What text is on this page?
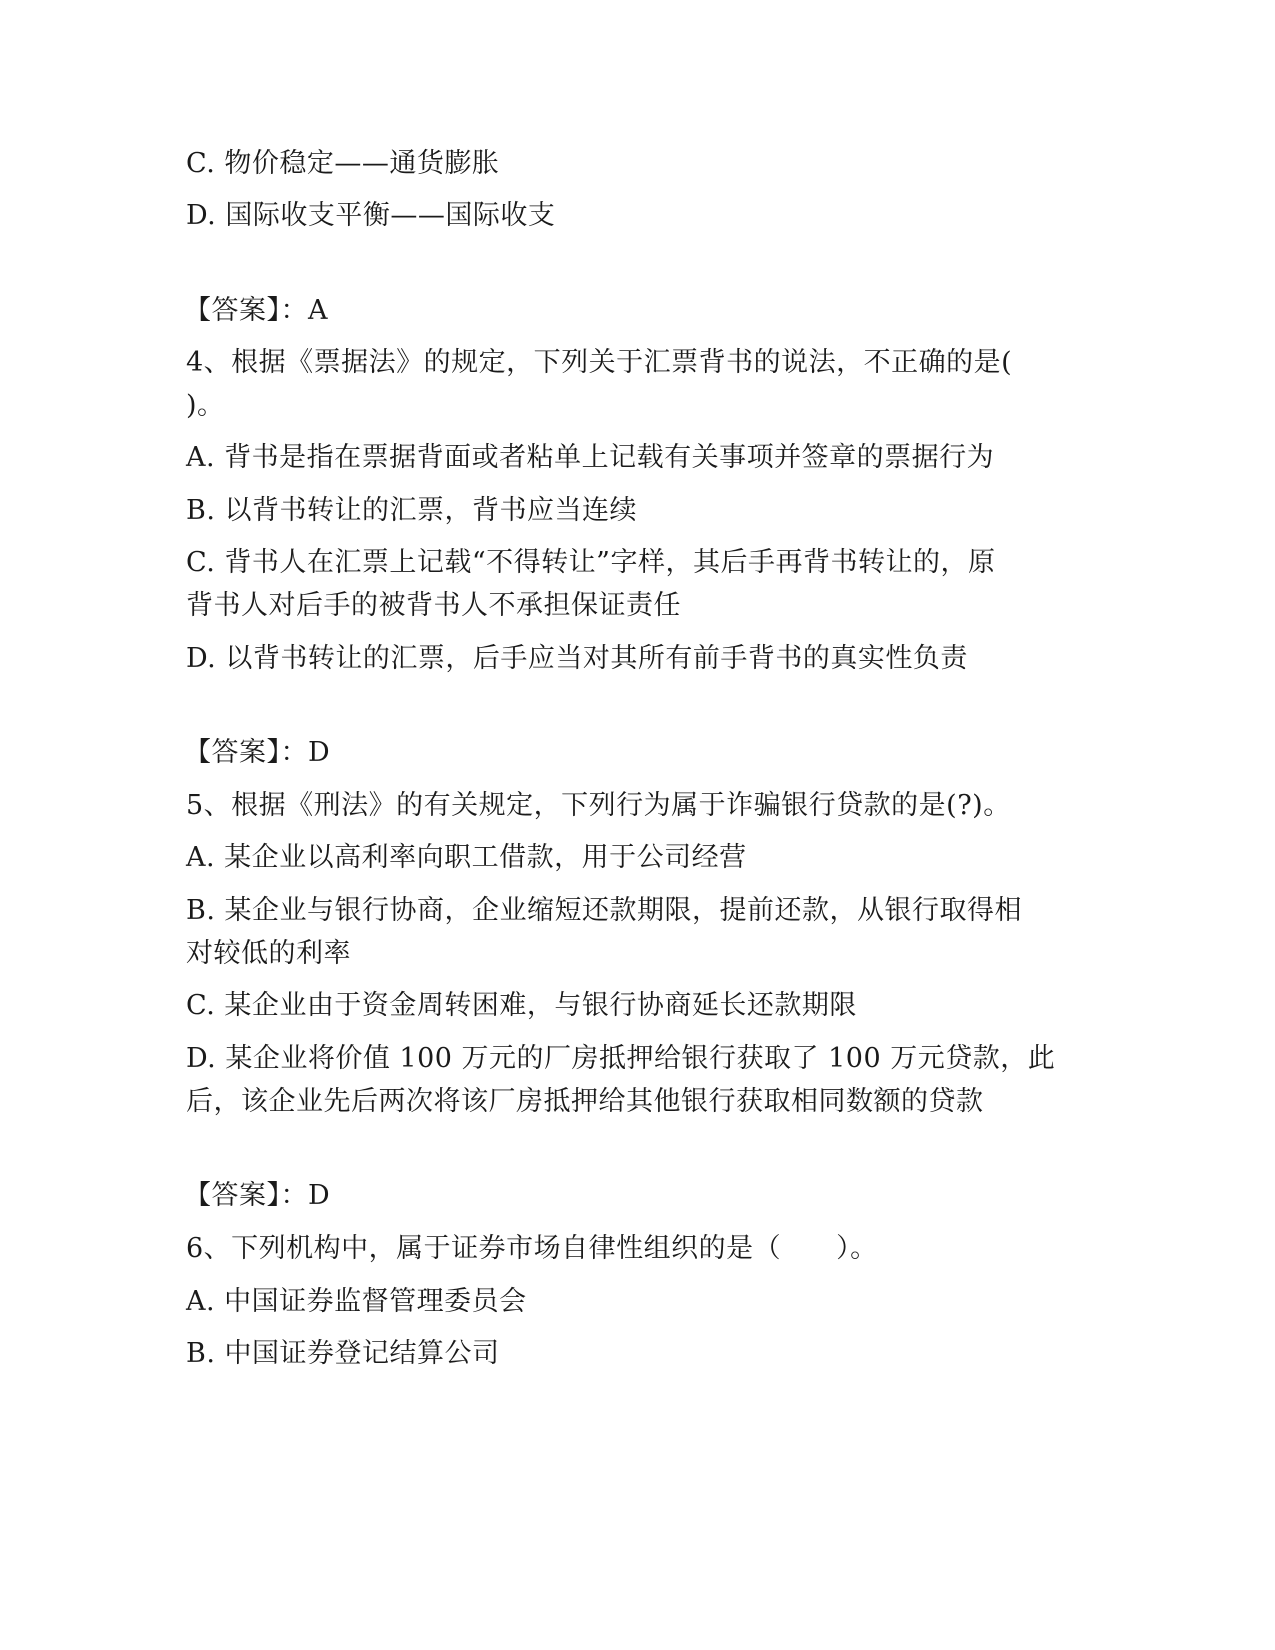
C. 物价稳定——通货膨胀
D. 国际收支平衡——国际收支
【答案】：A
4、根据《票据法》的规定，下列关于汇票背书的说法，不正确的是(
)。
A. 背书是指在票据背面或者粘单上记载有关事项并签章的票据行为
B. 以背书转让的汇票，背书应当连续
C. 背书人在汇票上记载“不得转让”字样，其后手再背书转让的，原
背书人对后手的被背书人不承担保证责任
D. 以背书转让的汇票，后手应当对其所有前手背书的真实性负责
【答案】：D
5、根据《刑法》的有关规定，下列行为属于诈骗银行贷款的是(?)。
A. 某企业以高利率向职工借款，用于公司经营
B. 某企业与银行协商，企业缩短还款期限，提前还款，从银行取得相
对较低的利率
C. 某企业由于资金周转困难，与银行协商延长还款期限
D. 某企业将价值 100 万元的厂房抵押给银行获取了 100 万元贷款，此
后，该企业先后两次将该厂房抵押给其他银行获取相同数额的贷款
【答案】：D
6、下列机构中，属于证券市场自律性组织的是（　　）。
A. 中国证券监督管理委员会
B. 中国证券登记结算公司
